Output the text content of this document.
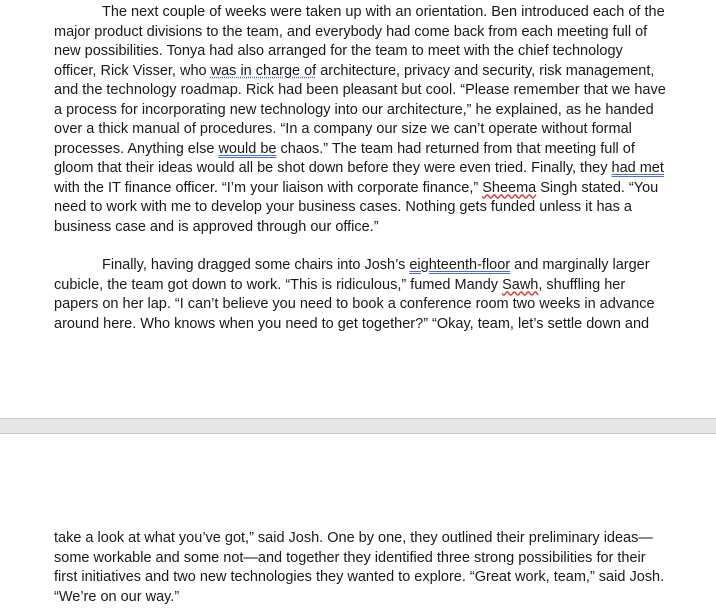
The next couple of weeks were taken up with an orientation. Ben introduced each of the
major product divisions to the team, and everybody had come back from each meeting full of
new possibilities. Tonya had also arranged for the team to meet with the chief technology
officer, Rick Visser, who was in charge of architecture, privacy and security, risk management,
and the technology roadmap. Rick had been pleasant but cool. “Please remember that we have
a process for incorporating new technology into our architecture,” he explained, as he handed
over a thick manual of procedures. “In a company our size we can’t operate without formal
processes. Anything else would be chaos.” The team had returned from that meeting full of
gloom that their ideas would all be shot down before they were even tried. Finally, they had met
with the IT finance officer. “I’m your liaison with corporate finance,” Sheema Singh stated. “You
need to work with me to develop your business cases. Nothing gets funded unless it has a
business case and is approved through our office.”
Finally, having dragged some chairs into Josh’s eighteenth-floor and marginally larger
cubicle, the team got down to work. “This is ridiculous,” fumed Mandy Sawh, shuffling her
papers on her lap. “I can’t believe you need to book a conference room two weeks in advance
around here. Who knows when you need to get together?” “Okay, team, let’s settle down and
take a look at what you’ve got,” said Josh. One by one, they outlined their preliminary ideas—
some workable and some not—and together they identified three strong possibilities for their
first initiatives and two new technologies they wanted to explore. “Great work, team,” said Josh.
“We’re on our way.”
